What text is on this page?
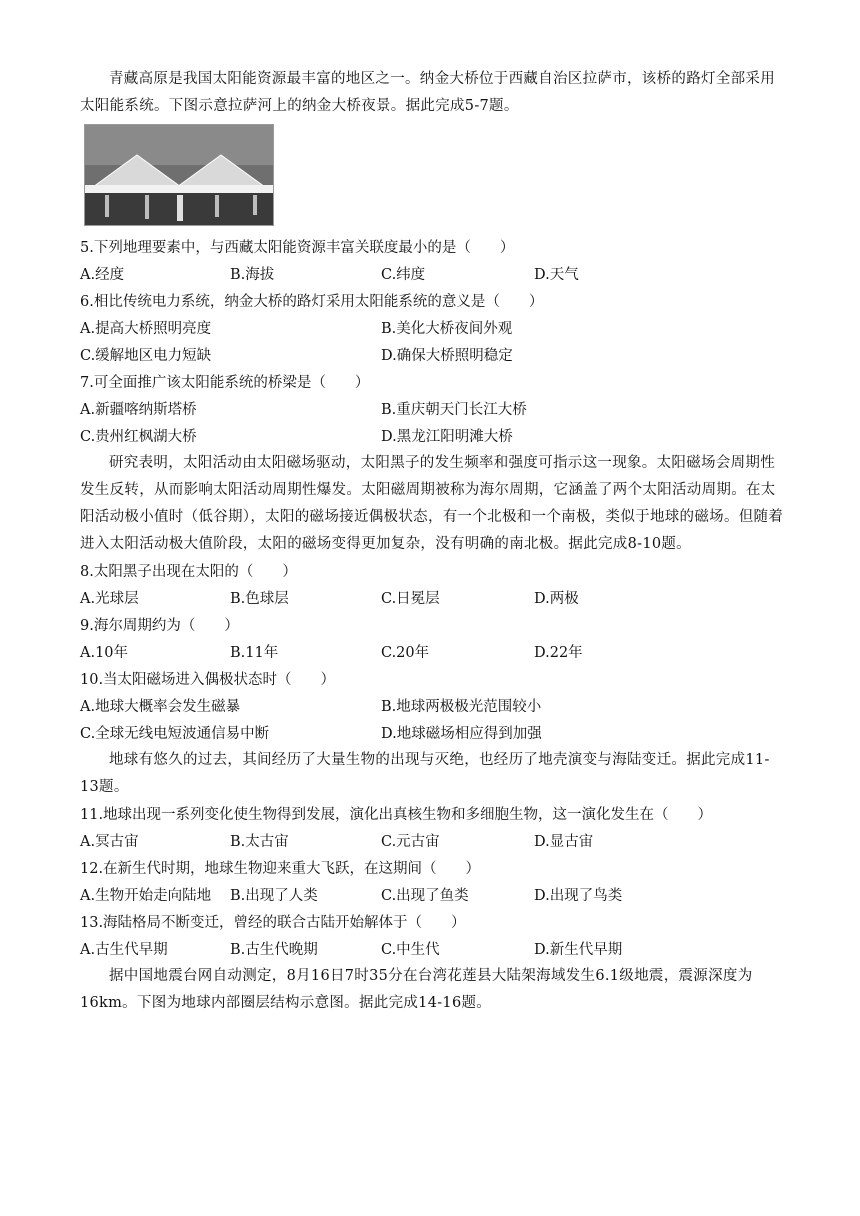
青藏高原是我国太阳能资源最丰富的地区之一。纳金大桥位于西藏自治区拉萨市，该桥的路灯全部采用太阳能系统。下图示意拉萨河上的纳金大桥夜景。据此完成5-7题。
5.下列地理要素中，与西藏太阳能资源丰富关联度最小的是（　　）
A.经度	B.海拔	C.纬度	D.天气
6.相比传统电力系统，纳金大桥的路灯采用太阳能系统的意义是（　　）
A.提高大桥照明亮度	B.美化大桥夜间外观
C.缓解地区电力短缺	D.确保大桥照明稳定
7.可全面推广该太阳能系统的桥梁是（　　）
A.新疆喀纳斯塔桥	B.重庆朝天门长江大桥
C.贵州红枫湖大桥	D.黑龙江阳明滩大桥
研究表明，太阳活动由太阳磁场驱动，太阳黑子的发生频率和强度可指示这一现象。太阳磁场会周期性发生反转，从而影响太阳活动周期性爆发。太阳磁周期被称为海尔周期，它涵盖了两个太阳活动周期。在太阳活动极小值时（低谷期），太阳的磁场接近偶极状态，有一个北极和一个南极，类似于地球的磁场。但随着进入太阳活动极大值阶段，太阳的磁场变得更加复杂，没有明确的南北极。据此完成8-10题。
8.太阳黑子出现在太阳的（　　）
A.光球层	B.色球层	C.日冕层	D.两极
9.海尔周期约为（　　）
A.10年	B.11年	C.20年	D.22年
10.当太阳磁场进入偶极状态时（　　）
A.地球大概率会发生磁暴	B.地球两极极光范围较小
C.全球无线电短波通信易中断	D.地球磁场相应得到加强
地球有悠久的过去，其间经历了大量生物的出现与灭绝，也经历了地壳演变与海陆变迁。据此完成11-13题。
11.地球出现一系列变化使生物得到发展，演化出真核生物和多细胞生物，这一演化发生在（　　）
A.冥古宙	B.太古宙	C.元古宙	D.显古宙
12.在新生代时期，地球生物迎来重大飞跃，在这期间（　　）
A.生物开始走向陆地 B.出现了人类	C.出现了鱼类	D.出现了鸟类
13.海陆格局不断变迁，曾经的联合古陆开始解体于（　　）
A.古生代早期	B.古生代晚期	C.中生代	D.新生代早期
据中国地震台网自动测定，8月16日7时35分在台湾花莲县大陆架海域发生6.1级地震，震源深度为16km。下图为地球内部圈层结构示意图。据此完成14-16题。
